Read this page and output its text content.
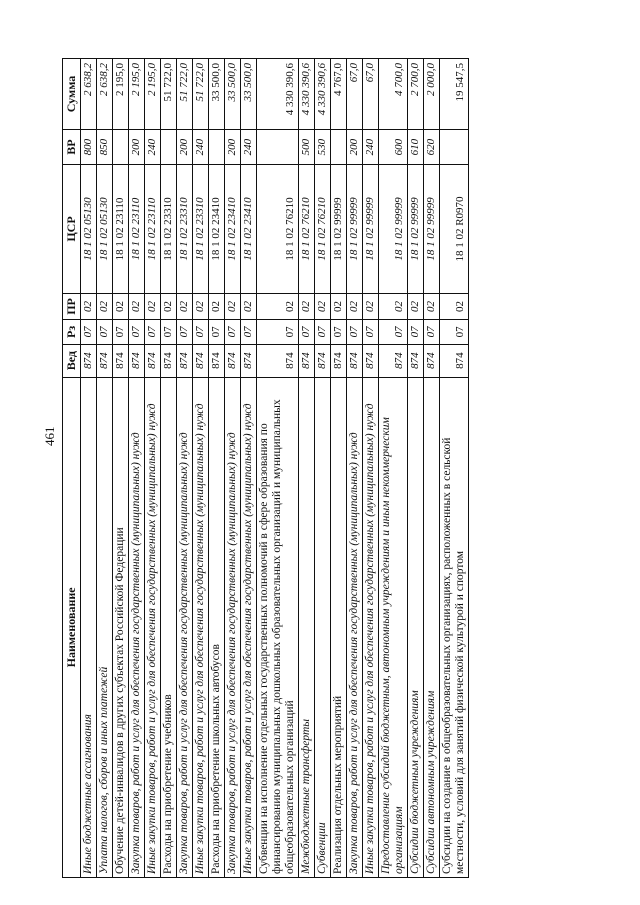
461
Наименование	Вед	Рз	ПР	ЦСР	ВР	Сумма
Иные бюджетные ассигнования	874	07	02	18 1 02 05130	800	2 638,2
Уплата налогов, сборов и иных платежей	874	07	02	18 1 02 05130	850	2 638,2
Обучение детей-инвалидов в других субъектах Российской Федерации	874	07	02	18 1 02 23110		2 195,0
Закупка товаров, работ и услуг для обеспечения государственных (муниципальных) нужд	874	07	02	18 1 02 23110	200	2 195,0
Иные закупки товаров, работ и услуг для обеспечения государственных (муниципальных) нужд	874	07	02	18 1 02 23110	240	2 195,0
Расходы на приобретение учебников	874	07	02	18 1 02 23310		51 722,0
Закупка товаров, работ и услуг для обеспечения государственных (муниципальных) нужд	874	07	02	18 1 02 23310	200	51 722,0
Иные закупки товаров, работ и услуг для обеспечения государственных (муниципальных) нужд	874	07	02	18 1 02 23310	240	51 722,0
Расходы на приобретение школьных автобусов	874	07	02	18 1 02 23410		33 500,0
Закупка товаров, работ и услуг для обеспечения государственных (муниципальных) нужд	874	07	02	18 1 02 23410	200	33 500,0
Иные закупки товаров, работ и услуг для обеспечения государственных (муниципальных) нужд	874	07	02	18 1 02 23410	240	33 500,0
Субвенции на исполнение отдельных государственных полномочий в сфере образования по финансированию муниципальных дошкольных образовательных организаций и муниципальных общеобразовательных организаций	874	07	02	18 1 02 76210		4 330 390,6
Межбюджетные трансферты	874	07	02	18 1 02 76210	500	4 330 390,6
Субвенции	874	07	02	18 1 02 76210	530	4 330 390,6
Реализация отдельных мероприятий	874	07	02	18 1 02 99999		4 767,0
Закупка товаров, работ и услуг для обеспечения государственных (муниципальных) нужд	874	07	02	18 1 02 99999	200	67,0
Иные закупки товаров, работ и услуг для обеспечения государственных (муниципальных) нужд	874	07	02	18 1 02 99999	240	67,0
Предоставление субсидий бюджетным, автономным учреждениям и иным некоммерческим организациям	874	07	02	18 1 02 99999	600	4 700,0
Субсидии бюджетным учреждениям	874	07	02	18 1 02 99999	610	2 700,0
Субсидии автономным учреждениям	874	07	02	18 1 02 99999	620	2 000,0
Субсидии на создание в общеобразовательных организациях, расположенных в сельской местности, условий для занятий физической культурой и спортом	874	07	02	18 1 02 R0970		19 547,5
